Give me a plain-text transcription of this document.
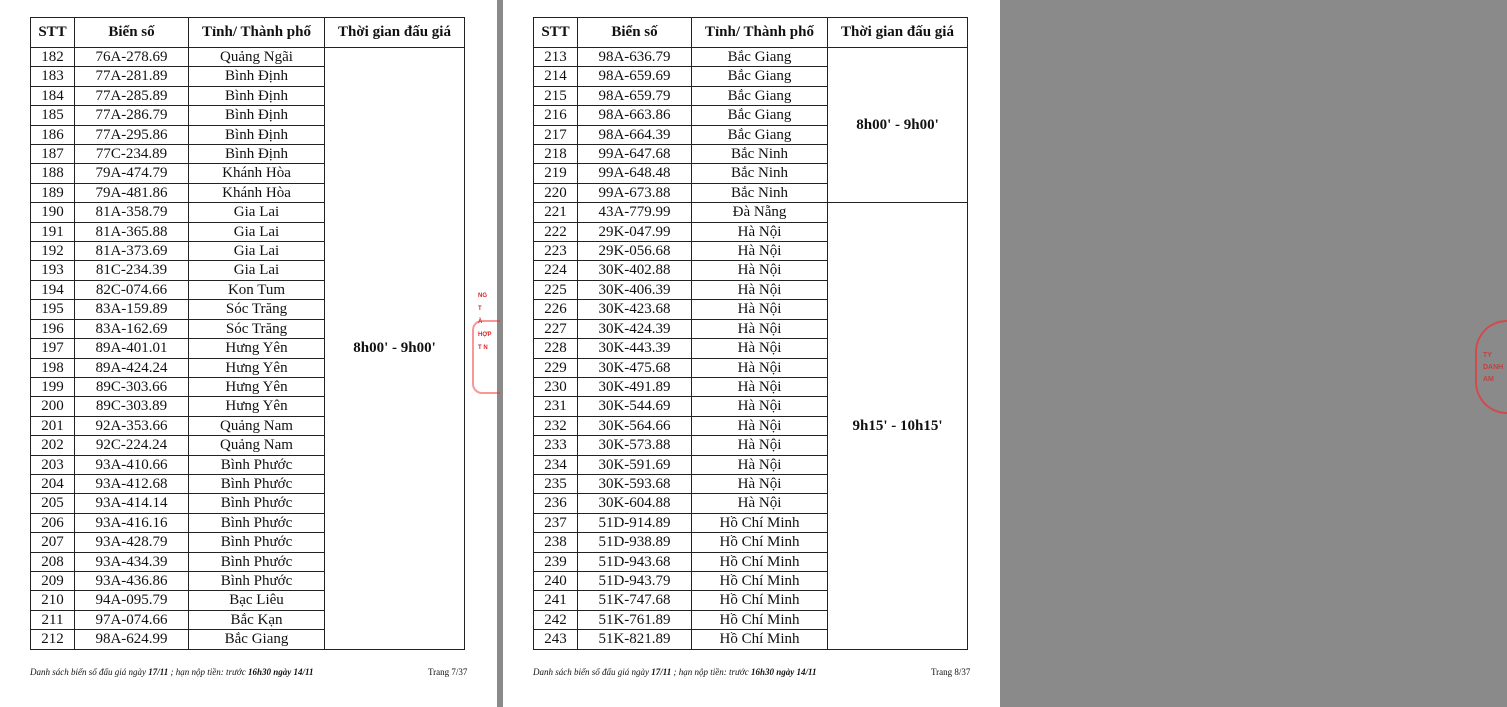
STT	Biển số	Tỉnh/ Thành phố	Thời gian đấu giá
182	76A-278.69	Quảng Ngãi	8h00' - 9h00'
183	77A-281.89	Bình Định	
184	77A-285.89	Bình Định	
185	77A-286.79	Bình Định	
186	77A-295.86	Bình Định	
187	77C-234.89	Bình Định	
188	79A-474.79	Khánh Hòa	
189	79A-481.86	Khánh Hòa	
190	81A-358.79	Gia Lai	
191	81A-365.88	Gia Lai	
192	81A-373.69	Gia Lai	
193	81C-234.39	Gia Lai	
194	82C-074.66	Kon Tum	
195	83A-159.89	Sóc Trăng	
196	83A-162.69	Sóc Trăng	
197	89A-401.01	Hưng Yên	
198	89A-424.24	Hưng Yên	
199	89C-303.66	Hưng Yên	
200	89C-303.89	Hưng Yên	
201	92A-353.66	Quảng Nam	
202	92C-224.24	Quảng Nam	
203	93A-410.66	Bình Phước	
204	93A-412.68	Bình Phước	
205	93A-414.14	Bình Phước	
206	93A-416.16	Bình Phước	
207	93A-428.79	Bình Phước	
208	93A-434.39	Bình Phước	
209	93A-436.86	Bình Phước	
210	94A-095.79	Bạc Liêu	
211	97A-074.66	Bắc Kạn	
212	98A-624.99	Bắc Giang	
Danh sách biển số đấu giá ngày 17/11 ; hạn nộp tiền: trước 16h30 ngày 14/11	Trang 7/37
NG T
À HỢP
T N
STT	Biển số	Tỉnh/ Thành phố	Thời gian đấu giá
213	98A-636.79	Bắc Giang	8h00' - 9h00'
214	98A-659.69	Bắc Giang	
215	98A-659.79	Bắc Giang	
216	98A-663.86	Bắc Giang	
217	98A-664.39	Bắc Giang	
218	99A-647.68	Bắc Ninh	
219	99A-648.48	Bắc Ninh	
220	99A-673.88	Bắc Ninh	
221	43A-779.99	Đà Nẵng	9h15' - 10h15'
222	29K-047.99	Hà Nội	
223	29K-056.68	Hà Nội	
224	30K-402.88	Hà Nội	
225	30K-406.39	Hà Nội	
226	30K-423.68	Hà Nội	
227	30K-424.39	Hà Nội	
228	30K-443.39	Hà Nội	
229	30K-475.68	Hà Nội	
230	30K-491.89	Hà Nội	
231	30K-544.69	Hà Nội	
232	30K-564.66	Hà Nội	
233	30K-573.88	Hà Nội	
234	30K-591.69	Hà Nội	
235	30K-593.68	Hà Nội	
236	30K-604.88	Hà Nội	
237	51D-914.89	Hồ Chí Minh	
238	51D-938.89	Hồ Chí Minh	
239	51D-943.68	Hồ Chí Minh	
240	51D-943.79	Hồ Chí Minh	
241	51K-747.68	Hồ Chí Minh	
242	51K-761.89	Hồ Chí Minh	
243	51K-821.89	Hồ Chí Minh	
Danh sách biển số đấu giá ngày 17/11 ; hạn nộp tiền: trước 16h30 ngày 14/11	Trang 8/37
TY
DANH
AM
